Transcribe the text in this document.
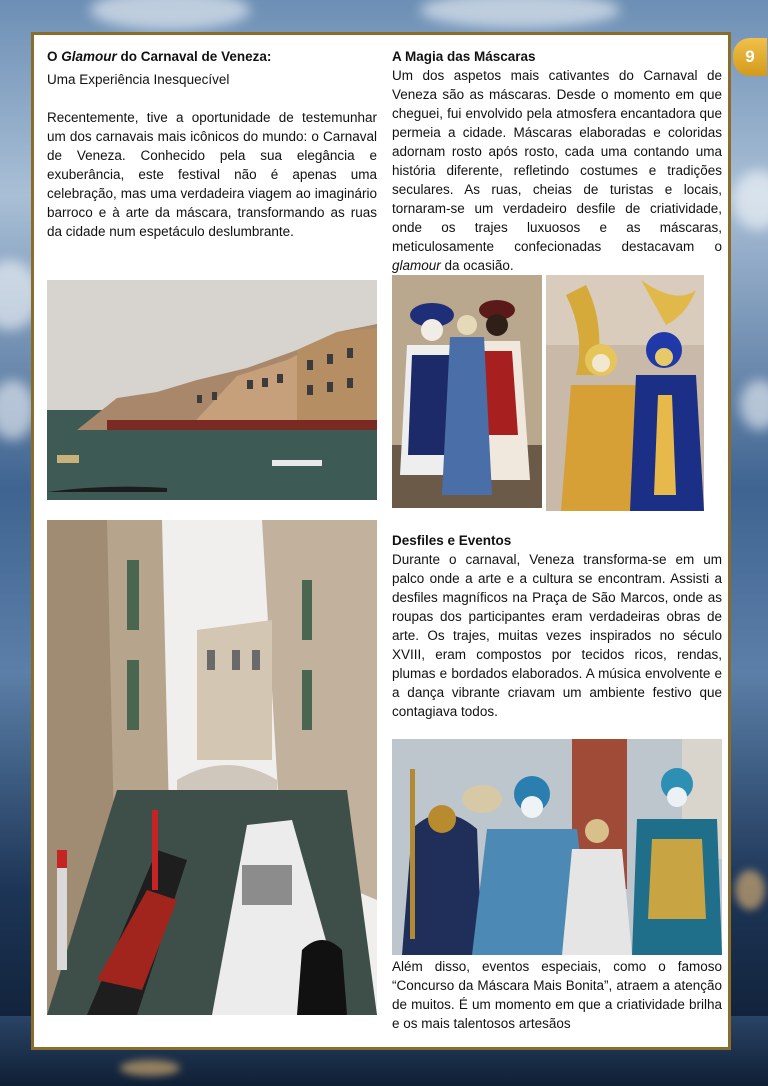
9
O Glamour do Carnaval de Veneza:

Uma Experiência Inesquecível

Recentemente, tive a oportunidade de testemunhar um dos carnavais mais icônicos do mundo: o Carnaval de Veneza. Conhecido pela sua elegância e exuberância, este festival não é apenas uma celebração, mas uma verdadeira viagem ao imaginário barroco e à arte da máscara, transformando as ruas da cidade num espetáculo deslumbrante.

A Magia das Máscaras

Um dos aspetos mais cativantes do Carnaval de Veneza são as máscaras. Desde o momento em que cheguei, fui envolvido pela atmosfera encantadora que permeia a cidade. Máscaras elaboradas e coloridas adornam rosto após rosto, cada uma contando uma história diferente, refletindo costumes e tradições seculares. As ruas, cheias de turistas e locais, tornaram-se um verdadeiro desfile de criatividade, onde os trajes luxuosos e as máscaras, meticulosamente confecionadas destacavam o glamour da ocasião.

Desfiles e Eventos

Durante o carnaval, Veneza transforma-se em um palco onde a arte e a cultura se encontram. Assisti a desfiles magníficos na Praça de São Marcos, onde as roupas dos participantes eram verdadeiras obras de arte. Os trajes, muitas vezes inspirados no século XVIII, eram compostos por tecidos ricos, rendas, plumas e bordados elaborados. A música envolvente e a dança vibrante criavam um ambiente festivo que contagiava todos.

Além disso, eventos especiais, como o famoso “Concurso da Máscara Mais Bonita”, atraem a atenção de muitos. É um momento em que a criatividade brilha e os mais talentosos artesãos
